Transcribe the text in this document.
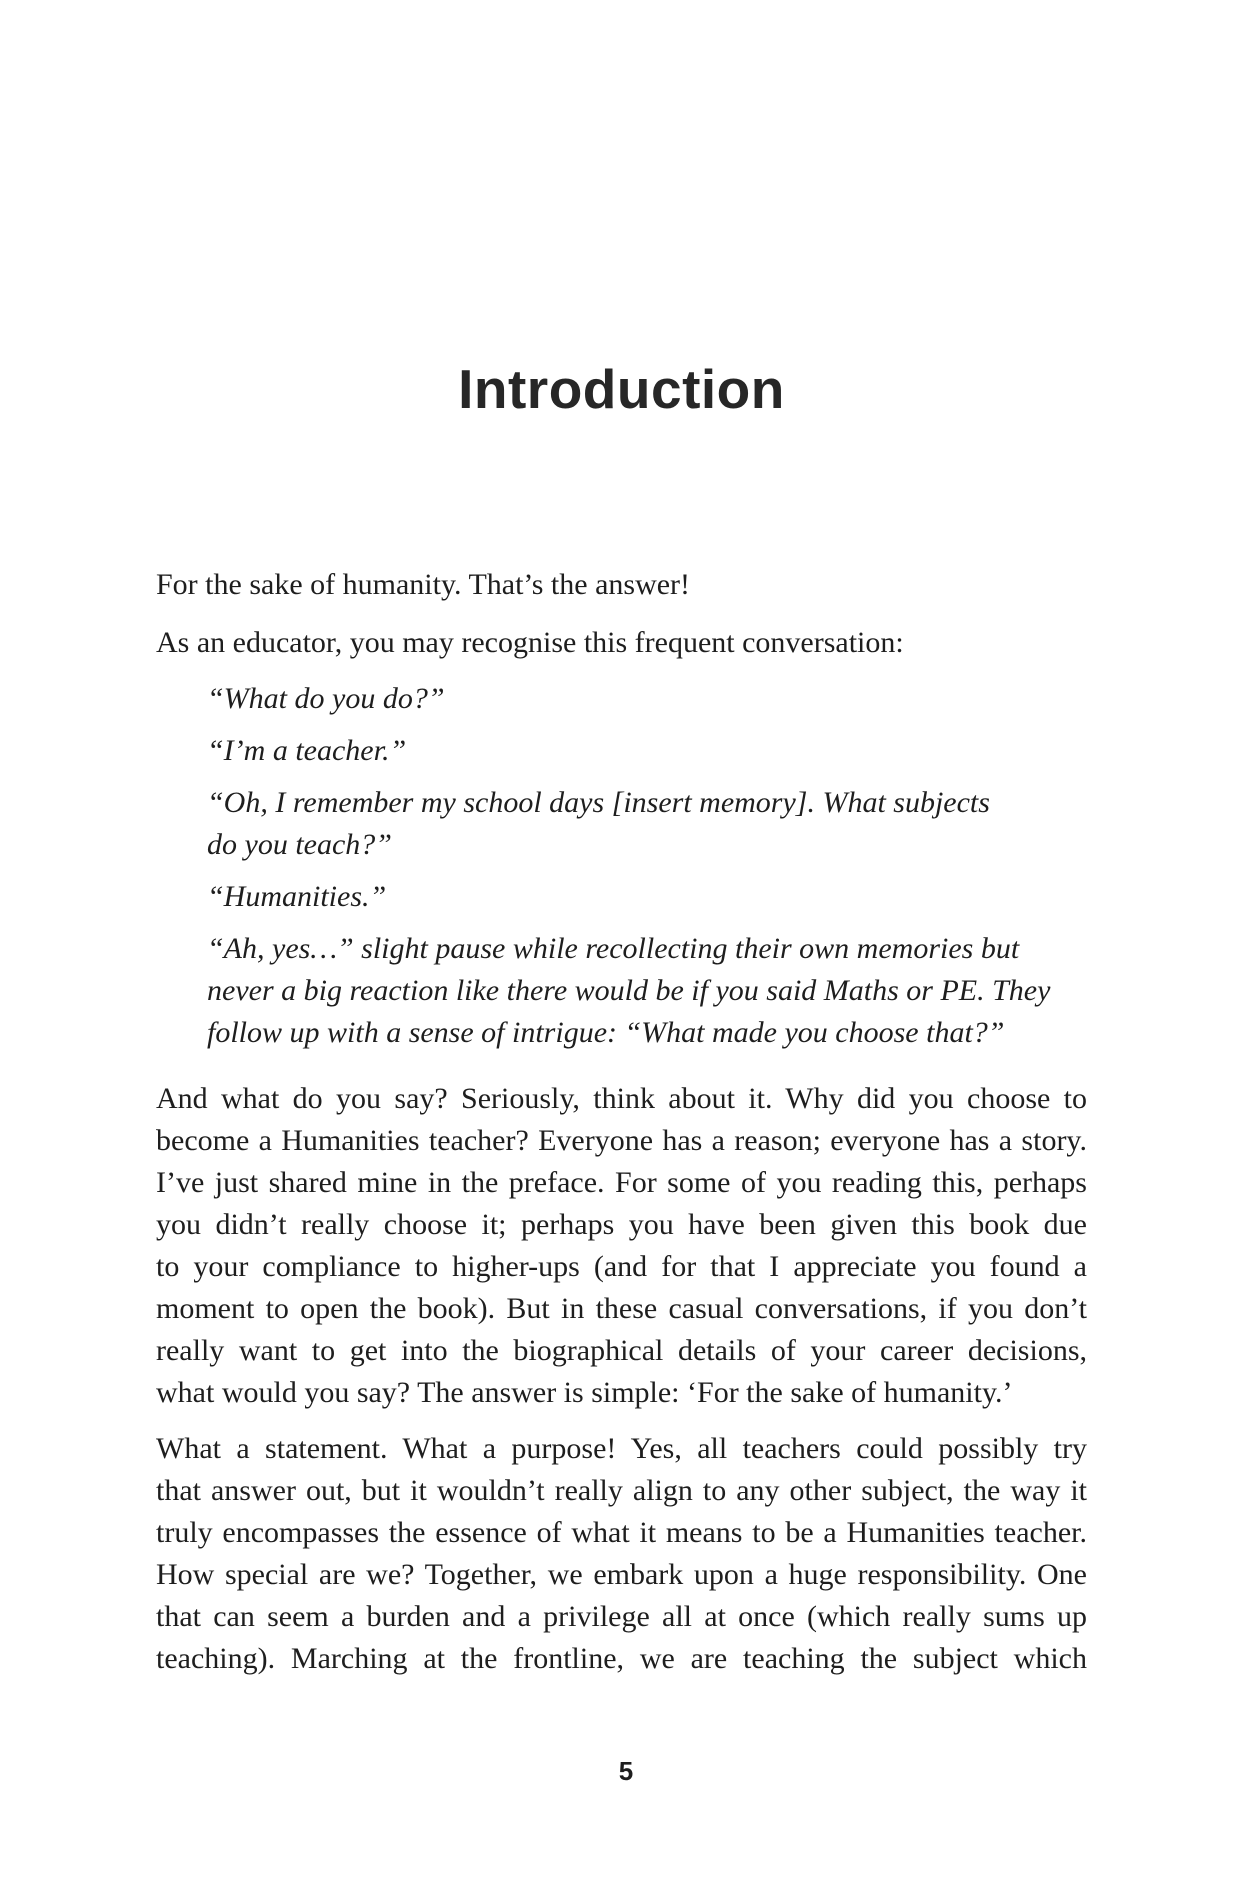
Introduction
For the sake of humanity. That’s the answer!
As an educator, you may recognise this frequent conversation:
“What do you do?”
“I’m a teacher.”
“Oh, I remember my school days [insert memory]. What subjects
do you teach?”
“Humanities.”
“Ah, yes…” slight pause while recollecting their own memories but
never a big reaction like there would be if you said Maths or PE. They
follow up with a sense of intrigue: “What made you choose that?”
And what do you say? Seriously, think about it. Why did you choose to
become a Humanities teacher? Everyone has a reason; everyone has a story.
I’ve just shared mine in the preface. For some of you reading this, perhaps
you didn’t really choose it; perhaps you have been given this book due
to your compliance to higher-ups (and for that I appreciate you found a
moment to open the book). But in these casual conversations, if you don’t
really want to get into the biographical details of your career decisions,
what would you say? The answer is simple: ‘For the sake of humanity.’
What a statement. What a purpose! Yes, all teachers could possibly try
that answer out, but it wouldn’t really align to any other subject, the way it
truly encompasses the essence of what it means to be a Humanities teacher.
How special are we? Together, we embark upon a huge responsibility. One
that can seem a burden and a privilege all at once (which really sums up
teaching). Marching at the frontline, we are teaching the subject which
5
